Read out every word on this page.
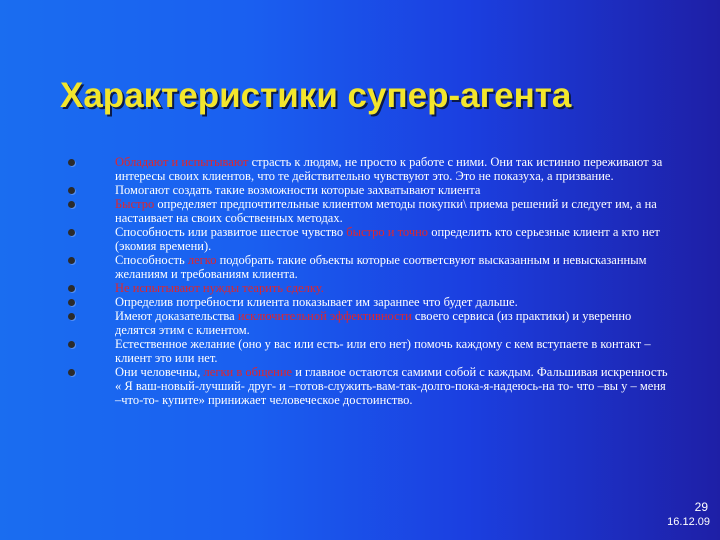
Характеристики супер-агента
Обладают и испытывают страсть к людям, не просто к работе с ними. Они так истинно переживают за интересы своих клиентов, что те действительно чувствуют это. Это не показуха, а призвание.
Помогают создать такие возможности которые захватывают клиента
Быстро определяет предпочтительные клиентом методы покупки\ приема решений и следует им, а на настаивает на своих собственных методах.
Способность или развитое шестое чувство быстро и точно определить кто серьезные клиент а кто нет (экомия времени).
Способность легко подобрать такие объекты которые соответсвуют высказанным и невысказанным желаниям и требованиям клиента.
Не испытывают нужды теарить сделку.
Определив потребности клиента показывает им заранnee что будет дальше.
Имеют доказательства исключительной эффективности своего сервиса (из практики) и уверенно делятся этим с клиентом.
Естественное желание (оно у вас или есть- или его нет) помочь каждому с кем вступаете в контакт –клиент это или нет.
Они человечны, легки в общение и главное остаются самими собой с каждым. Фальшивая искренность « Я ваш-новый-лучший- друг- и –готов-служить-вам-так-долго-пока-я-надеюсь-на то- что –вы у – меня –что-то- купите» принижает человеческое достоинство.
29
16.12.09
